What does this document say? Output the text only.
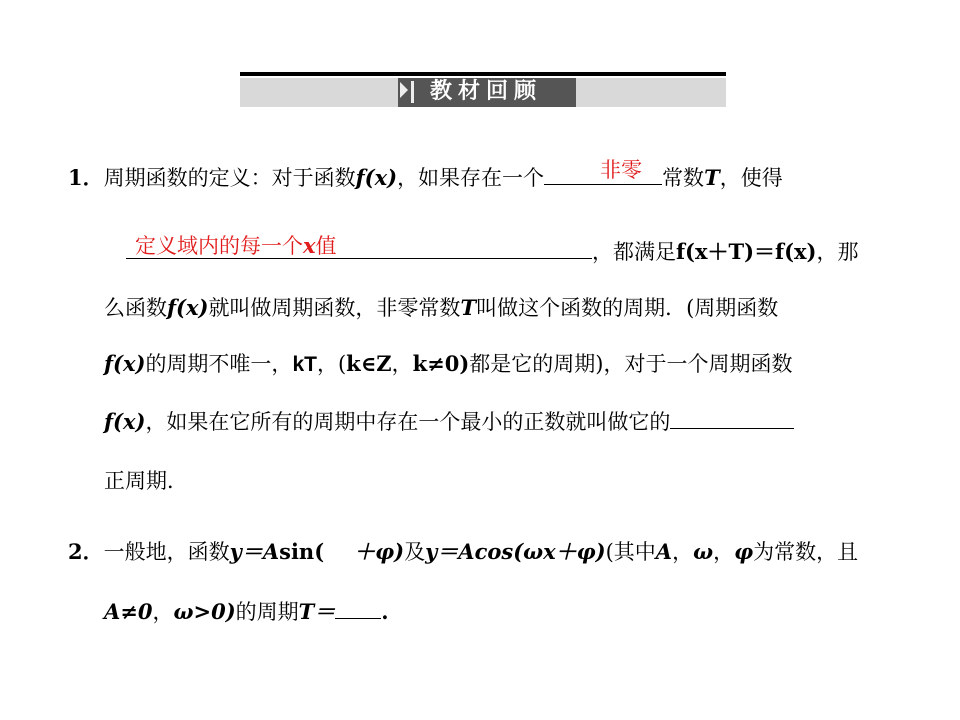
教材回顾
1．周期函数的定义：对于函数f(x)，如果存在一个	常数T，使得
非零
，都满足f(x＋T)＝f(x)，那
定义域内的每一个x值
么函数f(x)就叫做周期函数，非零常数T叫做这个函数的周期．(周期函数
f(x)的周期不唯一，kT，(k∈Z，k≠0)都是它的周期)，对于一个周期函数
f(x)，如果在它所有的周期中存在一个最小的正数就叫做它的
正周期．
2．一般地，函数y＝Asin( ＋φ)及y＝Acos(ωx＋φ)(其中A，ω，φ为常数，且
A≠0，ω>0)的周期T＝ .
